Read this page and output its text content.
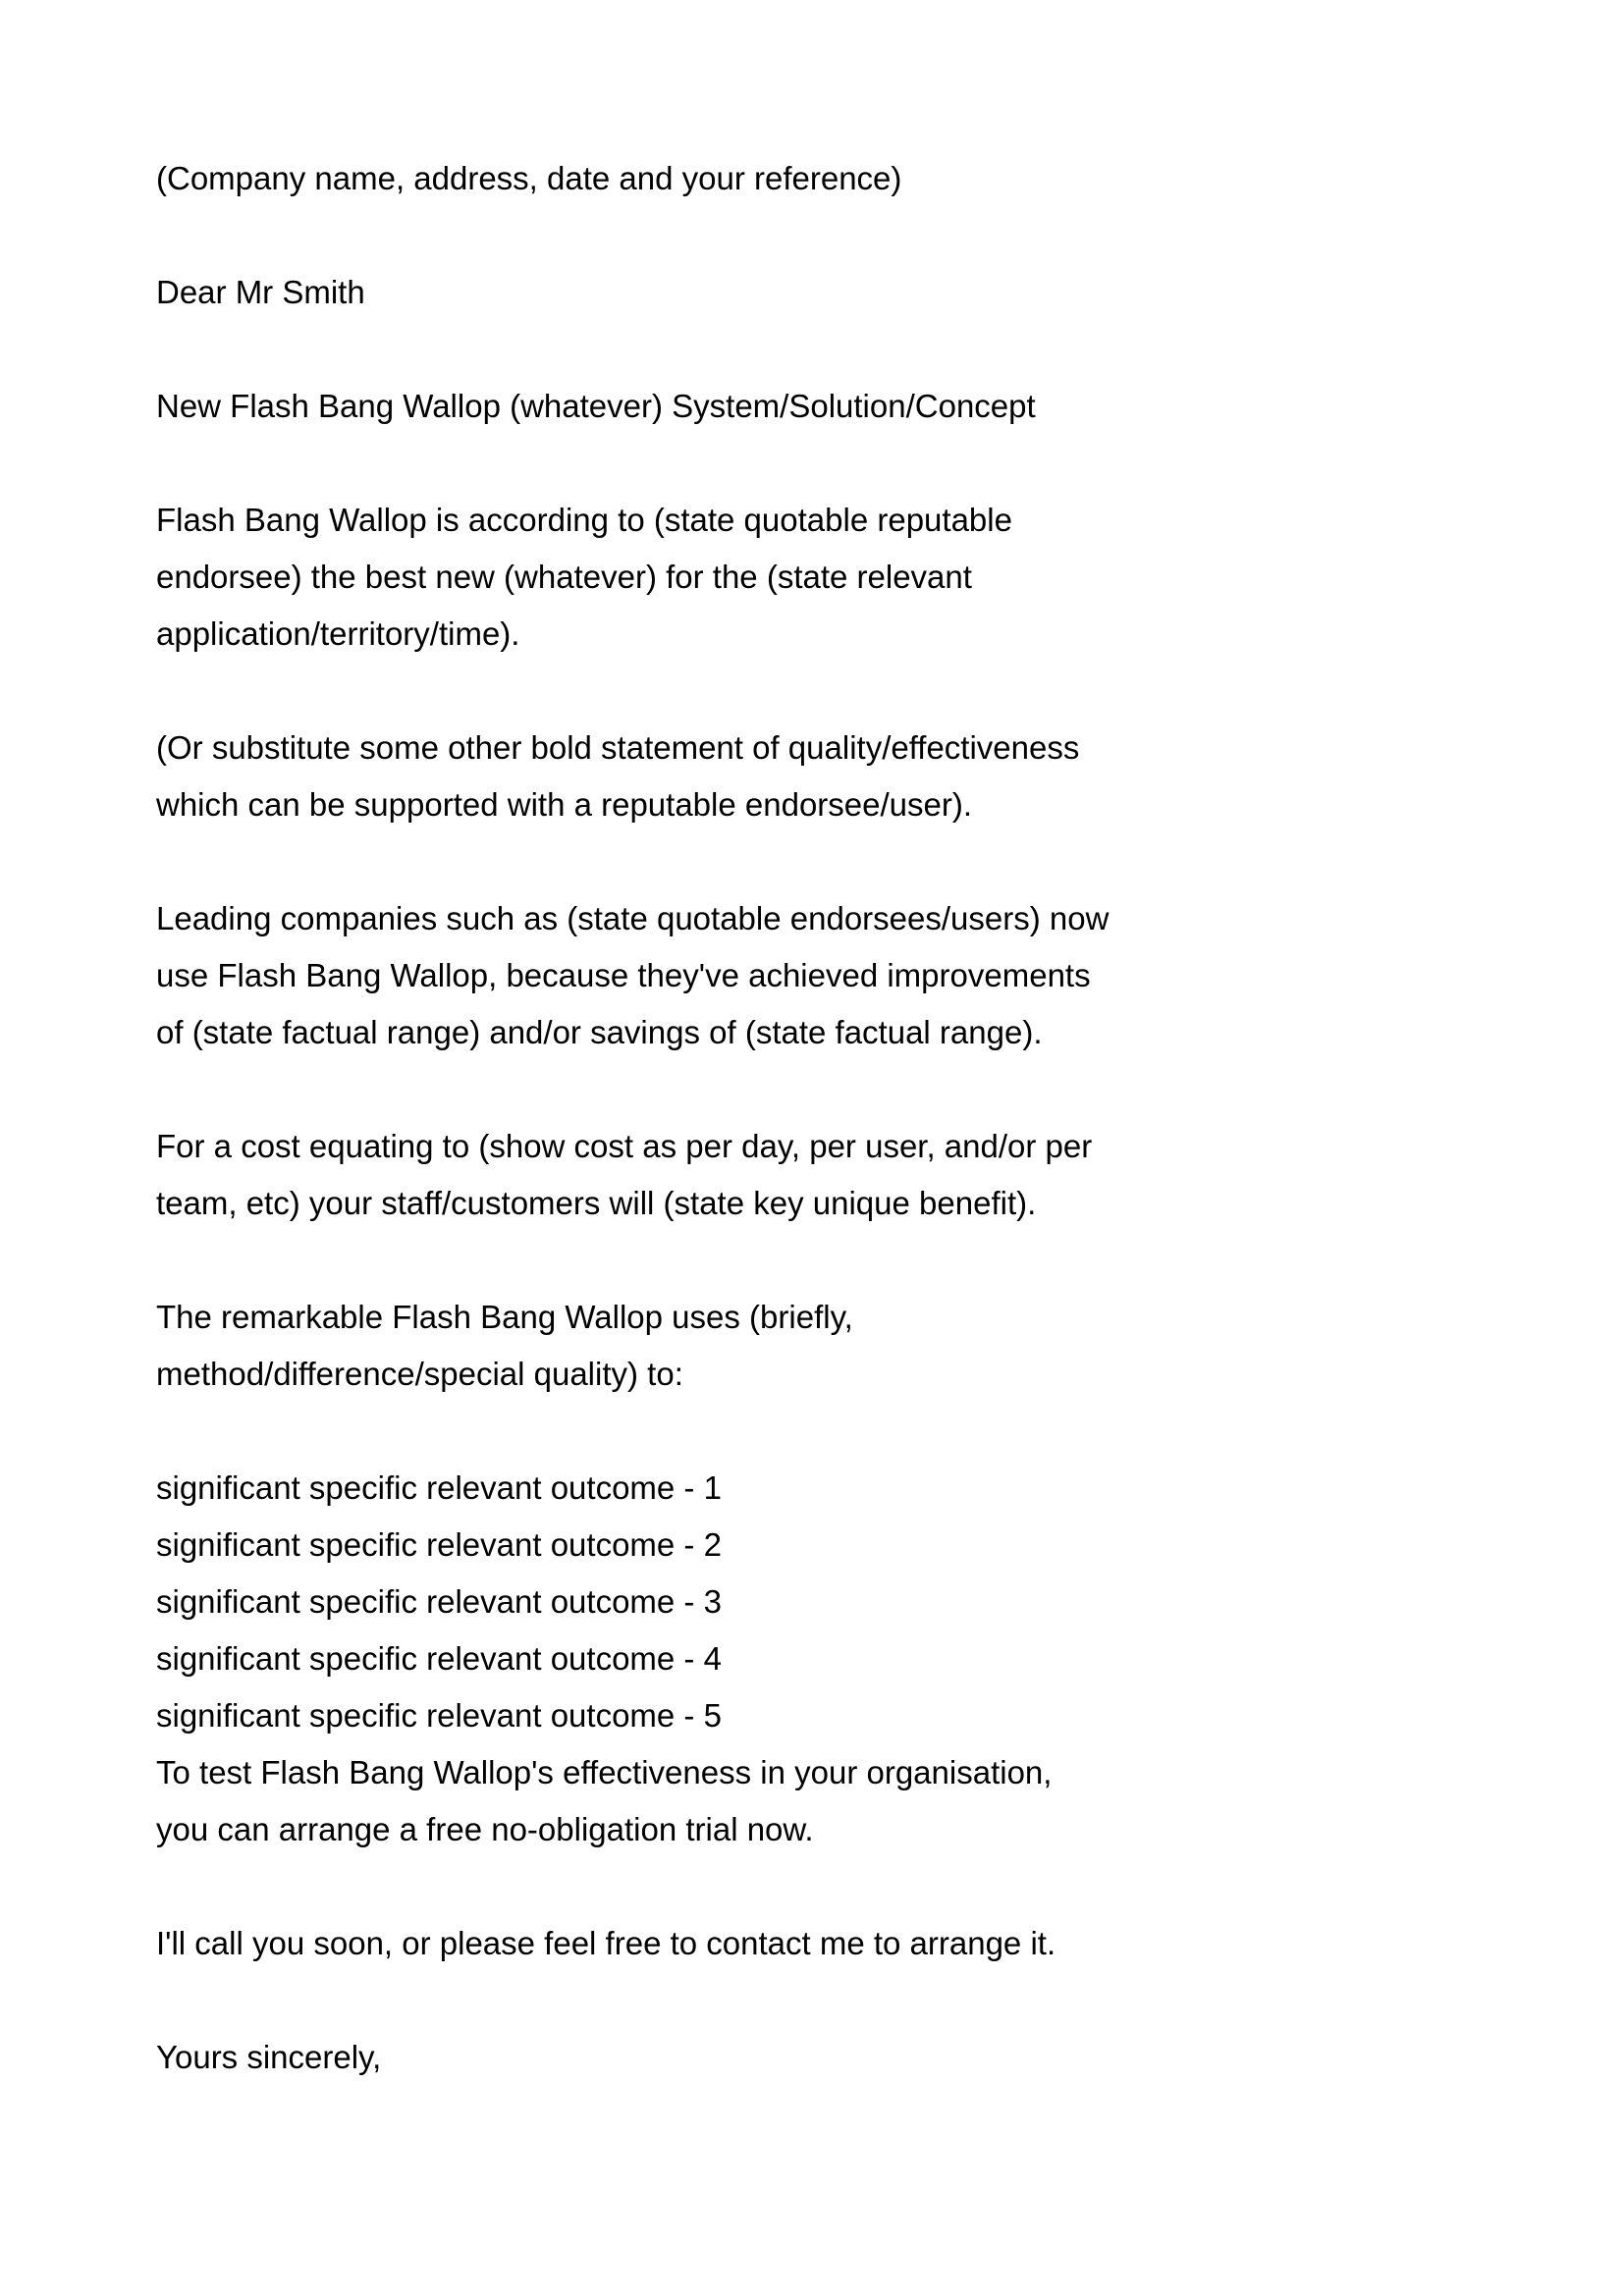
(Company name, address, date and your reference)
Dear Mr Smith
New Flash Bang Wallop (whatever) System/Solution/Concept
Flash Bang Wallop is according to (state quotable reputable
endorsee) the best new (whatever) for the (state relevant
application/territory/time).
(Or substitute some other bold statement of quality/effectiveness
which can be supported with a reputable endorsee/user).
Leading companies such as (state quotable endorsees/users) now
use Flash Bang Wallop, because they've achieved improvements
of (state factual range) and/or savings of (state factual range).
For a cost equating to (show cost as per day, per user, and/or per
team, etc) your staff/customers will (state key unique benefit).
The remarkable Flash Bang Wallop uses (briefly,
method/difference/special quality) to:
significant specific relevant outcome - 1
significant specific relevant outcome - 2
significant specific relevant outcome - 3
significant specific relevant outcome - 4
significant specific relevant outcome - 5
To test Flash Bang Wallop's effectiveness in your organisation,
you can arrange a free no-obligation trial now.
I'll call you soon, or please feel free to contact me to arrange it.
Yours sincerely,
